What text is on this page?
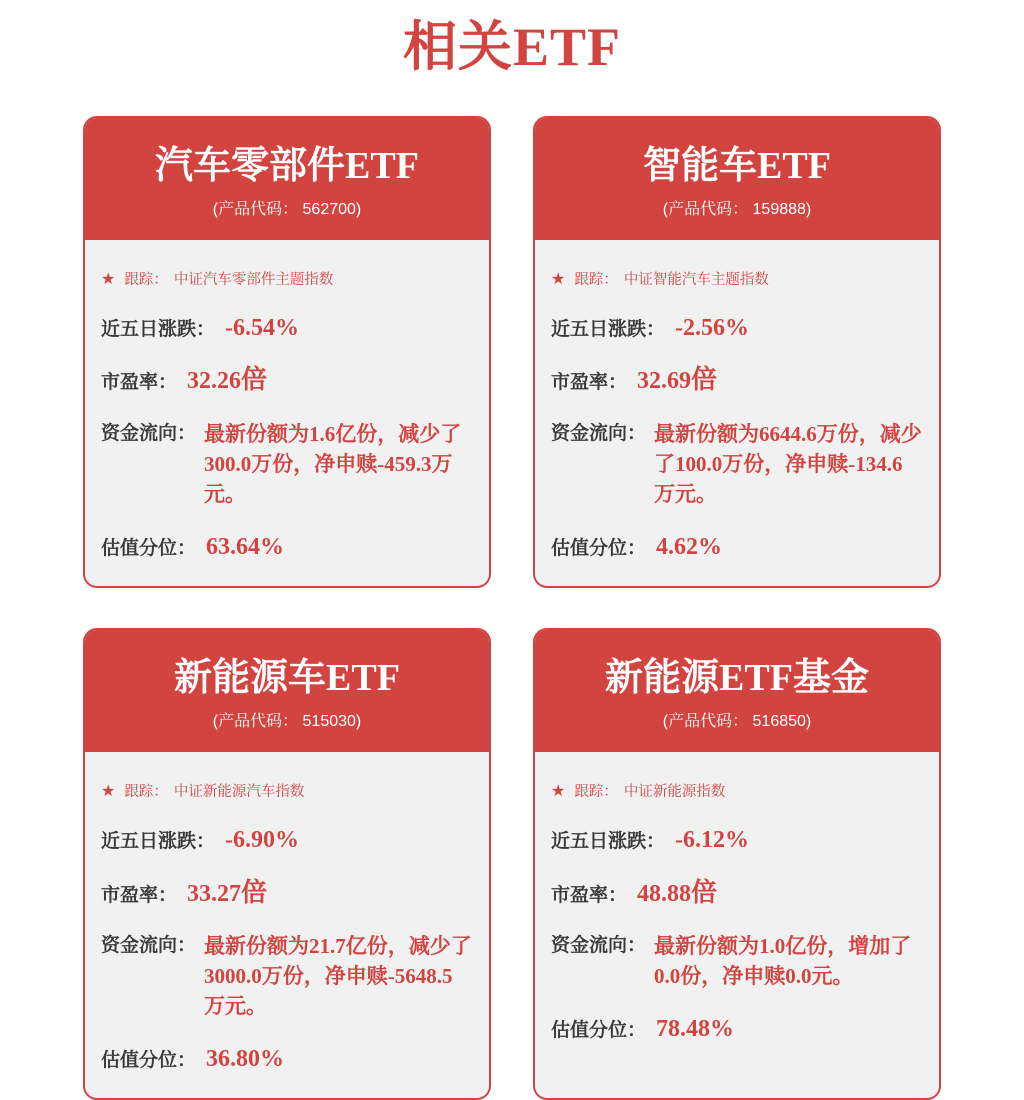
相关ETF
汽车零部件ETF
(产品代码： 562700)
★ 跟踪： 中证汽车零部件主题指数
近五日涨跌： -6.54%
市盈率： 32.26倍
资金流向： 最新份额为1.6亿份，减少了300.0万份，净申赎-459.3万元。
估值分位： 63.64%
智能车ETF
(产品代码： 159888)
★ 跟踪： 中证智能汽车主题指数
近五日涨跌： -2.56%
市盈率： 32.69倍
资金流向： 最新份额为6644.6万份，减少了100.0万份，净申赎-134.6万元。
估值分位： 4.62%
新能源车ETF
(产品代码： 515030)
★ 跟踪： 中证新能源汽车指数
近五日涨跌： -6.90%
市盈率： 33.27倍
资金流向： 最新份额为21.7亿份，减少了3000.0万份，净申赎-5648.5万元。
估值分位： 36.80%
新能源ETF基金
(产品代码： 516850)
★ 跟踪： 中证新能源指数
近五日涨跌： -6.12%
市盈率： 48.88倍
资金流向： 最新份额为1.0亿份，增加了0.0份，净申赎0.0元。
估值分位： 78.48%
